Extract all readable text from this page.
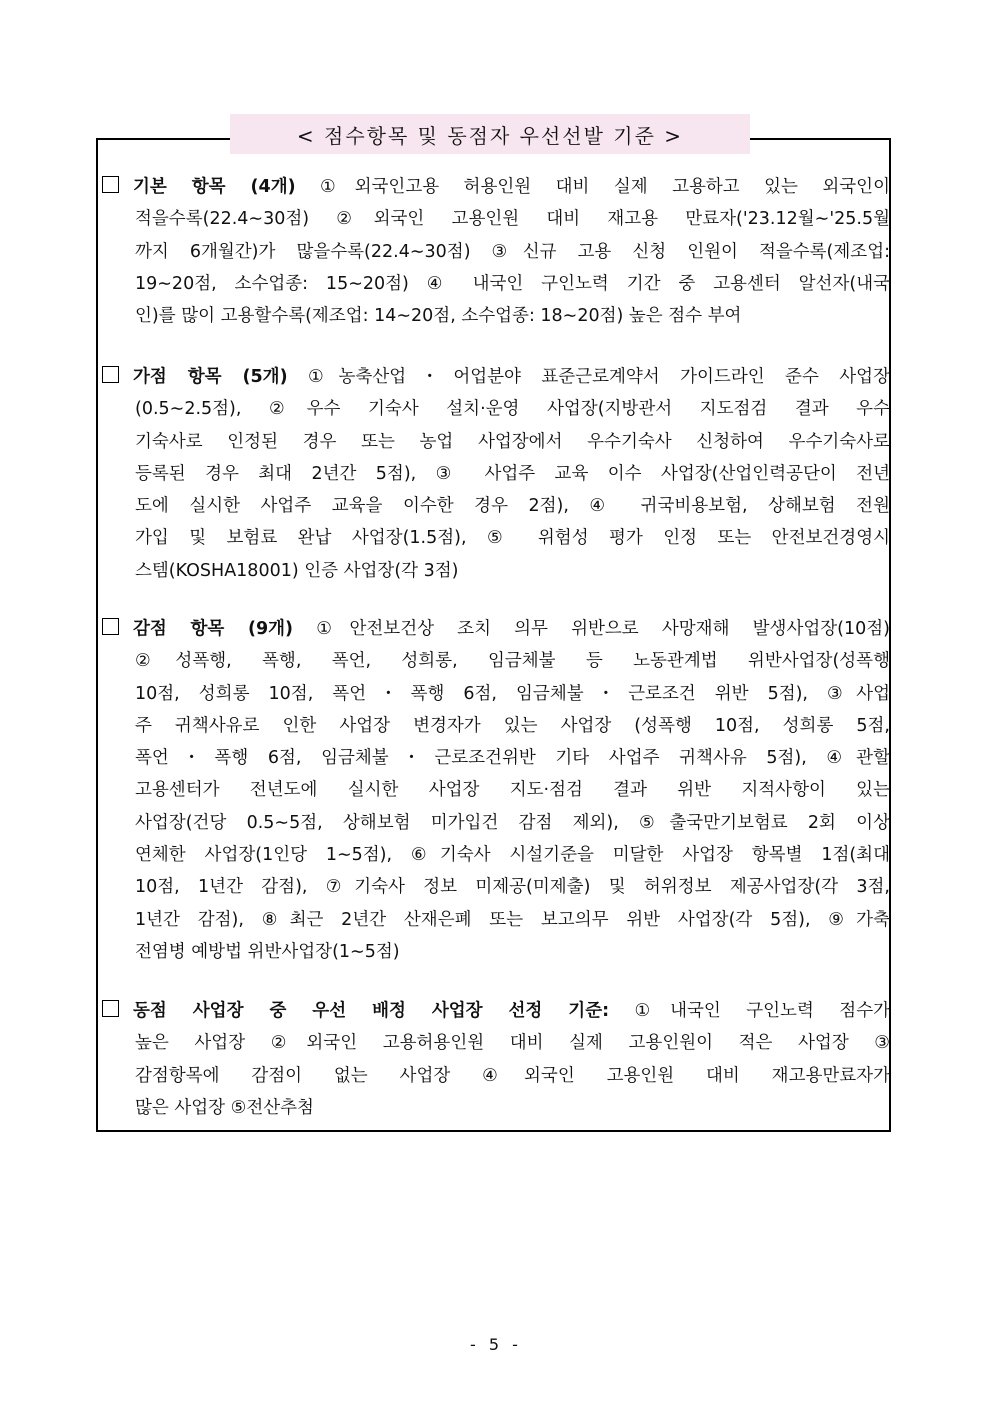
< 점수항목 및 동점자 우선선발 기준 >
기본 항목 (4개) ①외국인고용 허용인원 대비 실제 고용하고 있는 외국인이
적을수록(22.4∼30점) ②외국인 고용인원 대비 재고용 만료자('23.12월∼'25.5월
까지 6개월간)가 많을수록(22.4∼30점) ③신규 고용 신청 인원이 적을수록(제조업:
19∼20점, 소수업종: 15∼20점) ④ 내국인 구인노력 기간 중 고용센터 알선자(내국
인)를 많이 고용할수록(제조업: 14∼20점, 소수업종: 18∼20점) 높은 점수 부여
가점 항목 (5개) ①농축산업・어업분야 표준근로계약서 가이드라인 준수 사업장
(0.5∼2.5점), ②우수 기숙사 설치·운영 사업장(지방관서 지도점검 결과 우수
기숙사로 인정된 경우 또는 농업 사업장에서 우수기숙사 신청하여 우수기숙사로
등록된 경우 최대 2년간 5점), ③ 사업주 교육 이수 사업장(산업인력공단이 전년
도에 실시한 사업주 교육을 이수한 경우 2점), ④ 귀국비용보험, 상해보험 전원
가입 및 보험료 완납 사업장(1.5점), ⑤ 위험성 평가 인정 또는 안전보건경영시
스템(KOSHA18001) 인증 사업장(각 3점)
감점 항목 (9개) ①안전보건상 조치 의무 위반으로 사망재해 발생사업장(10점)
②성폭행, 폭행, 폭언, 성희롱, 임금체불 등 노동관계법 위반사업장(성폭행
10점, 성희롱 10점, 폭언・폭행 6점, 임금체불・근로조건 위반 5점), ③사업
주 귀책사유로 인한 사업장 변경자가 있는 사업장 (성폭행 10점, 성희롱 5점,
폭언・폭행 6점, 임금체불・근로조건위반 기타 사업주 귀책사유 5점), ④관할
고용센터가 전년도에 실시한 사업장 지도·점검 결과 위반 지적사항이 있는
사업장(건당 0.5∼5점, 상해보험 미가입건 감점 제외), ⑤출국만기보험료 2회 이상
연체한 사업장(1인당 1∼5점), ⑥기숙사 시설기준을 미달한 사업장 항목별 1점(최대
10점, 1년간 감점), ⑦기숙사 정보 미제공(미제출) 및 허위정보 제공사업장(각 3점,
1년간 감점), ⑧최근 2년간 산재은폐 또는 보고의무 위반 사업장(각 5점), ⑨가축
전염병 예방법 위반사업장(1∼5점)
동점 사업장 중 우선 배정 사업장 선정 기준: ①내국인 구인노력 점수가
높은 사업장 ②외국인 고용허용인원 대비 실제 고용인원이 적은 사업장 ③
감점항목에 감점이 없는 사업장 ④외국인 고용인원 대비 재고용만료자가
많은 사업장 ⑤전산추첨
- 5 -
